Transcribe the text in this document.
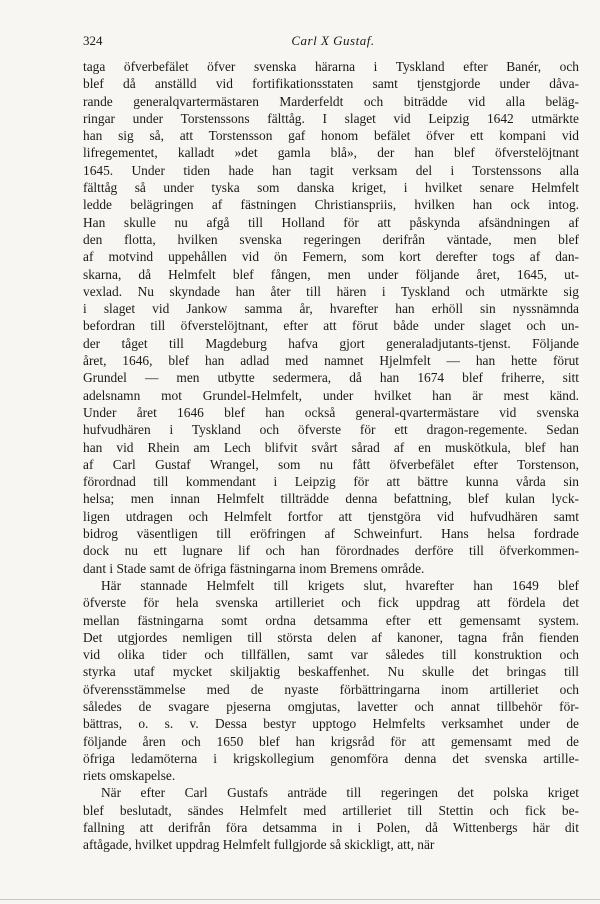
324	Carl X Gustaf.
taga öfverbefälet öfver svenska härarna i Tyskland efter Banér, och
blef då anställd vid fortifikationsstaten samt tjenstgjorde under dåva-
rande generalqvartermästaren Marderfeldt och biträdde vid alla beläg-
ringar under Torstenssons fälttåg. I slaget vid Leipzig 1642 utmärkte
han sig så, att Torstensson gaf honom befälet öfver ett kompani vid
lifregementet, kalladt »det gamla blå», der han blef öfverstelöjtnant
1645. Under tiden hade han tagit verksam del i Torstenssons alla
fälttåg så under tyska som danska kriget, i hvilket senare Helmfelt
ledde belägringen af fästningen Christianspriis, hvilken han ock intog.
Han skulle nu afgå till Holland för att påskynda afsändningen af
den flotta, hvilken svenska regeringen derifrån väntade, men blef
af motvind uppehållen vid ön Femern, som kort derefter togs af dan-
skarna, då Helmfelt blef fången, men under följande året, 1645, ut-
vexlad. Nu skyndade han åter till hären i Tyskland och utmärkte sig
i slaget vid Jankow samma år, hvarefter han erhöll sin nyssnämnda
befordran till öfverstelöjtnant, efter att förut både under slaget och un-
der tåget till Magdeburg hafva gjort generaladjutants-tjenst. Följande
året, 1646, blef han adlad med namnet Hjelmfelt — han hette förut
Grundel — men utbytte sedermera, då han 1674 blef friherre, sitt
adelsnamn mot Grundel-Helmfelt, under hvilket han är mest känd.
Under året 1646 blef han också general-qvartermästare vid svenska
hufvudhären i Tyskland och öfverste för ett dragon-regemente. Sedan
han vid Rhein am Lech blifvit svårt sårad af en muskötkula, blef han
af Carl Gustaf Wrangel, som nu fått öfverbefälet efter Torstenson,
förordnad till kommendant i Leipzig för att bättre kunna vårda sin
helsa; men innan Helmfelt tillträdde denna befattning, blef kulan lyck-
ligen utdragen och Helmfelt fortfor att tjenstgöra vid hufvudhären samt
bidrog väsentligen till eröfringen af Schweinfurt. Hans helsa fordrade
dock nu ett lugnare lif och han förordnades derföre till öfverkommen-
dant i Stade samt de öfriga fästningarna inom Bremens område.
Här stannade Helmfelt till krigets slut, hvarefter han 1649 blef
öfverste för hela svenska artilleriet och fick uppdrag att fördela det
mellan fästningarna somt ordna detsamma efter ett gemensamt system.
Det utgjordes nemligen till största delen af kanoner, tagna från fienden
vid olika tider och tillfällen, samt var således till konstruktion och
styrka utaf mycket skiljaktig beskaffenhet. Nu skulle det bringas till
öfverensstämmelse med de nyaste förbättringarna inom artilleriet och
således de svagare pjeserna omgjutas, lavetter och annat tillbehör för-
bättras, o. s. v. Dessa bestyr upptogo Helmfelts verksamhet under de
följande åren och 1650 blef han krigsråd för att gemensamt med de
öfriga ledamöterna i krigskollegium genomföra denna det svenska artille-
riets omskapelse.
När efter Carl Gustafs anträde till regeringen det polska kriget
blef beslutadt, sändes Helmfelt med artilleriet till Stettin och fick be-
fallning att derifrån föra detsamma in i Polen, då Wittenbergs här dit
aftågade, hvilket uppdrag Helmfelt fullgjorde så skickligt, att, när
